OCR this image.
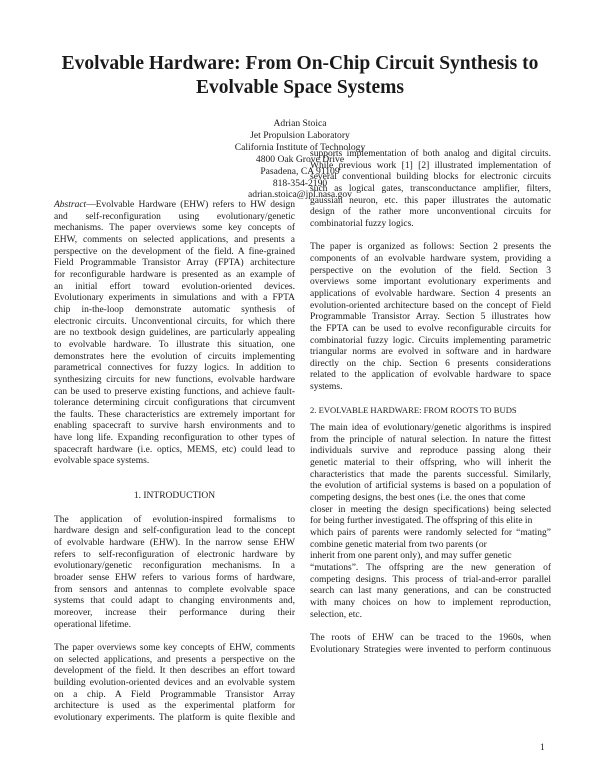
Evolvable Hardware: From On-Chip Circuit Synthesis to
Evolvable Space Systems
Adrian Stoica
Jet Propulsion Laboratory
California Institute of Technology
4800 Oak Grove Drive
Pasadena, CA 91109
818-354-2190
adrian.stoica@jpl.nasa.gov
Abstract—Evolvable Hardware (EHW) refers to HW design
and self-reconfiguration using evolutionary/genetic
mechanisms. The paper overviews some key concepts of
EHW, comments on selected applications, and presents a
perspective on the development of the field. A fine-grained
Field Programmable Transistor Array (FPTA) architecture
for reconfigurable hardware is presented as an example of
an initial effort toward evolution-oriented devices.
Evolutionary experiments in simulations and with a FPTA
chip in-the-loop demonstrate automatic synthesis of
electronic circuits. Unconventional circuits, for which there
are no textbook design guidelines, are particularly appealing
to evolvable hardware. To illustrate this situation, one
demonstrates here the evolution of circuits implementing
parametrical connectives for fuzzy logics. In addition to
synthesizing circuits for new functions, evolvable hardware
can be used to preserve existing functions, and achieve fault-
tolerance determining circuit configurations that circumvent
the faults. These characteristics are extremely important for
enabling spacecraft to survive harsh environments and to
have long life. Expanding reconfiguration to other types of
spacecraft hardware (i.e. optics, MEMS, etc) could lead to
evolvable space systems.
1. INTRODUCTION
The application of evolution-inspired formalisms to
hardware design and self-configuration lead to the concept
of evolvable hardware (EHW). In the narrow sense EHW
refers to self-reconfiguration of electronic hardware by
evolutionary/genetic reconfiguration mechanisms. In a
broader sense EHW refers to various forms of hardware,
from sensors and antennas to complete evolvable space
systems that could adapt to changing environments and,
moreover, increase their performance during their
operational lifetime.
The paper overviews some key concepts of EHW, comments
on selected applications, and presents a perspective on the
development of the field. It then describes an effort toward
building evolution-oriented devices and an evolvable system
on a chip. A Field Programmable Transistor Array
architecture is used as the experimental platform for
evolutionary experiments. The platform is quite flexible and
supports implementation of both analog and digital circuits.
While previous work [1] [2] illustrated implementation of
several conventional building blocks for electronic circuits
such as logical gates, transconductance amplifier, filters,
gaussian neuron, etc. this paper illustrates the automatic
design of the rather more unconventional circuits for
combinatorial fuzzy logics.
The paper is organized as follows: Section 2 presents the
components of an evolvable hardware system, providing a
perspective on the evolution of the field. Section 3
overviews some important evolutionary experiments and
applications of evolvable hardware. Section 4 presents an
evolution-oriented architecture based on the concept of Field
Programmable Transistor Array. Section 5 illustrates how
the FPTA can be used to evolve reconfigurable circuits for
combinatorial fuzzy logic. Circuits implementing parametric
triangular norms are evolved in software and in hardware
directly on the chip. Section 6 presents considerations
related to the application of evolvable hardware to space
systems.
2. EVOLVABLE HARDWARE: FROM ROOTS TO BUDS
The main idea of evolutionary/genetic algorithms is inspired
from the principle of natural selection. In nature the fittest
individuals survive and reproduce passing along their
genetic material to their offspring, who will inherit the
characteristics that made the parents successful. Similarly,
the evolution of artificial systems is based on a population of
competing designs, the best ones (i.e. the ones that come
closer in meeting the design specifications) being selected
for being further investigated. The offspring of this elite in
which pairs of parents were randomly selected for “mating”
combine genetic material from two parents (or
inherit from one parent only), and may suffer genetic
“mutations”. The offspring are the new generation of
competing designs. This process of trial-and-error parallel
search can last many generations, and can be constructed
with many choices on how to implement reproduction,
selection, etc.
The roots of EHW can be traced to the 1960s, when
Evolutionary Strategies were invented to perform continuous
1
